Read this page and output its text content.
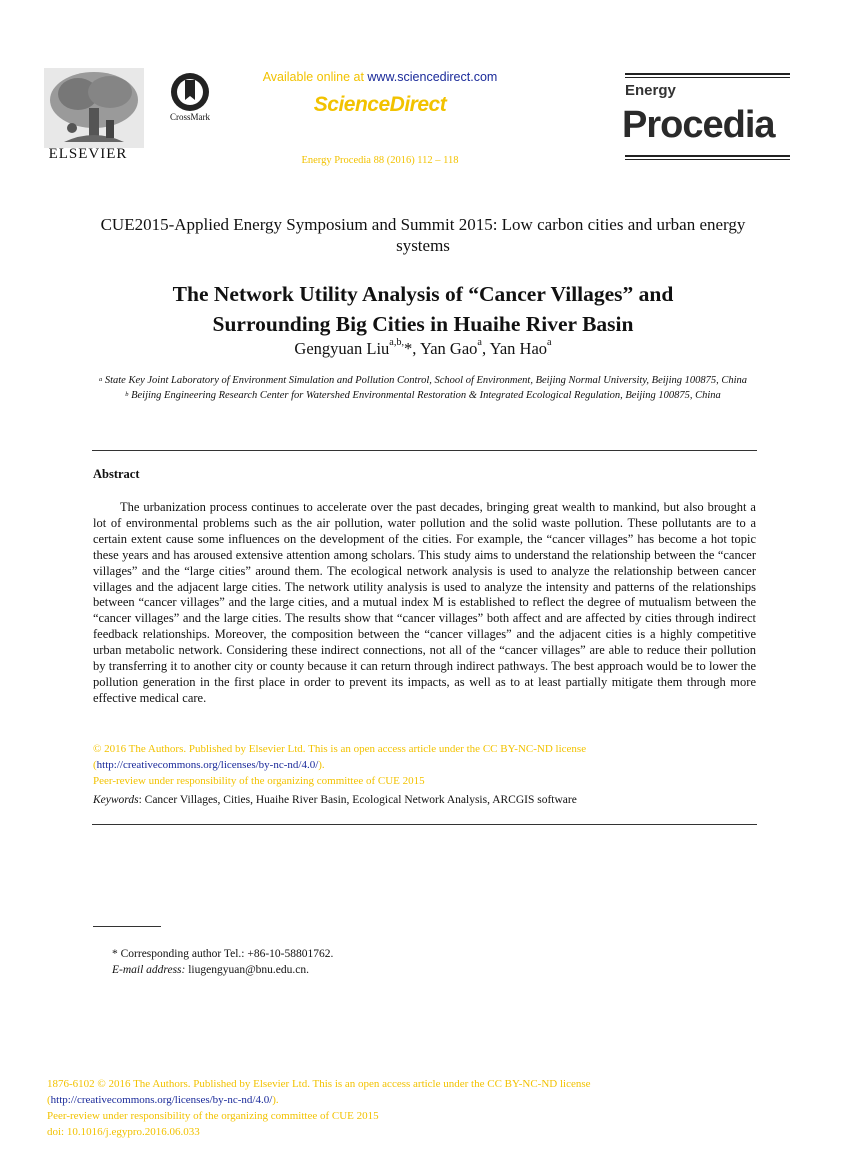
ELSEVIER
CrossMark
Available online at www.sciencedirect.com
ScienceDirect
Energy Procedia 88 (2016) 112 – 118
Energy
Procedia
CUE2015-Applied Energy Symposium and Summit 2015: Low carbon cities and urban energy systems
The Network Utility Analysis of “Cancer Villages” and
Surrounding Big Cities in Huaihe River Basin
Gengyuan Liu$^{a,b,}$*, Yan Gao$^a$, Yan Hao$^a$
$^a$ State Key Joint Laboratory of Environment Simulation and Pollution Control, School of Environment, Beijing Normal University, Beijing 100875, China
$^b$ Beijing Engineering Research Center for Watershed Environmental Restoration & Integrated Ecological Regulation, Beijing 100875, China
Abstract
The urbanization process continues to accelerate over the past decades, bringing great wealth to mankind, but also brought a lot of environmental problems such as the air pollution, water pollution and the solid waste pollution. These pollutants are to a certain extent cause some influences on the development of the cities. For example, the “cancer villages” has become a hot topic these years and has aroused extensive attention among scholars. This study aims to understand the relationship between the “cancer villages” and the “large cities” around them. The ecological network analysis is used to analyze the relationship between cancer villages and the adjacent large cities. The network utility analysis is used to analyze the intensity and patterns of the relationships between “cancer villages” and the large cities, and a mutual index M is established to reflect the degree of mutualism between the “cancer villages” and the large cities. The results show that “cancer villages” both affect and are affected by cities through indirect feedback relationships. Moreover, the composition between the “cancer villages” and the adjacent cities is a highly competitive urban metabolic network. Considering these indirect connections, not all of the “cancer villages” are able to reduce their pollution by transferring it to another city or county because it can return through indirect pathways. The best approach would be to lower the pollution generation in the first place in order to prevent its impacts, as well as to at least partially mitigate them through more effective medical care.
© 2016 The Authors. Published by Elsevier Ltd. This is an open access article under the CC BY-NC-ND license
(http://creativecommons.org/licenses/by-nc-nd/4.0/).
Peer-review under responsibility of the organizing committee of CUE 2015
Keywords: Cancer Villages, Cities, Huaihe River Basin, Ecological Network Analysis, ARCGIS software
* Corresponding author Tel.: +86-10-58801762.
E-mail address: liugengyuan@bnu.edu.cn.
1876-6102 © 2016 The Authors. Published by Elsevier Ltd. This is an open access article under the CC BY-NC-ND license
(http://creativecommons.org/licenses/by-nc-nd/4.0/).
Peer-review under responsibility of the organizing committee of CUE 2015
doi: 10.1016/j.egypro.2016.06.033
